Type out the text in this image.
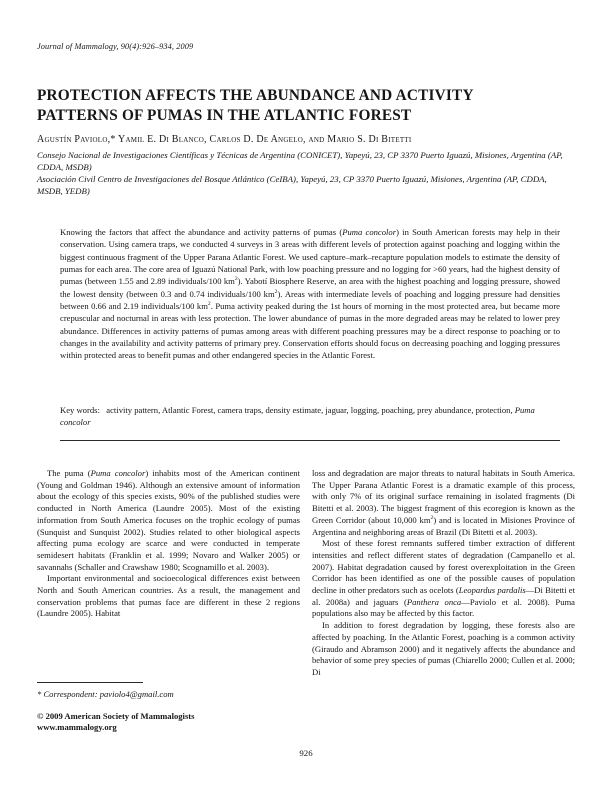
Journal of Mammalogy, 90(4):926–934, 2009
PROTECTION AFFECTS THE ABUNDANCE AND ACTIVITY PATTERNS OF PUMAS IN THE ATLANTIC FOREST
Agustín Paviolo,* Yamil E. Di Blanco, Carlos D. De Angelo, and Mario S. Di Bitetti
Consejo Nacional de Investigaciones Científicas y Técnicas de Argentina (CONICET), Yapeyú, 23, CP 3370 Puerto Iguazú, Misiones, Argentina (AP, CDDA, MSDB)
Asociación Civil Centro de Investigaciones del Bosque Atlántico (CeIBA), Yapeyú, 23, CP 3370 Puerto Iguazú, Misiones, Argentina (AP, CDDA, MSDB, YEDB)
Knowing the factors that affect the abundance and activity patterns of pumas (Puma concolor) in South American forests may help in their conservation. Using camera traps, we conducted 4 surveys in 3 areas with different levels of protection against poaching and logging within the biggest continuous fragment of the Upper Parana Atlantic Forest. We used capture–mark–recapture population models to estimate the density of pumas for each area. The core area of Iguazú National Park, with low poaching pressure and no logging for >60 years, had the highest density of pumas (between 1.55 and 2.89 individuals/100 $km^2$). Yabotí Biosphere Reserve, an area with the highest poaching and logging pressure, showed the lowest density (between 0.3 and 0.74 individuals/100 $km^2$). Areas with intermediate levels of poaching and logging pressure had densities between 0.66 and 2.19 individuals/100 $km^2$. Puma activity peaked during the 1st hours of morning in the most protected area, but became more crepuscular and nocturnal in areas with less protection. The lower abundance of pumas in the more degraded areas may be related to lower prey abundance. Differences in activity patterns of pumas among areas with different poaching pressures may be a direct response to poaching or to changes in the availability and activity patterns of primary prey. Conservation efforts should focus on decreasing poaching and logging pressures within protected areas to benefit pumas and other endangered species in the Atlantic Forest.
Key words:  activity pattern, Atlantic Forest, camera traps, density estimate, jaguar, logging, poaching, prey abundance, protection, Puma concolor

The puma (Puma concolor) inhabits most of the American continent (Young and Goldman 1946). Although an extensive amount of information about the ecology of this species exists, 90% of the published studies were conducted in North America (Laundre 2005). Most of the existing information from South America focuses on the trophic ecology of pumas (Sunquist and Sunquist 2002). Studies related to other biological aspects affecting puma ecology are scarce and were conducted in temperate semidesert habitats (Franklin et al. 1999; Novaro and Walker 2005) or savannahs (Schaller and Crawshaw 1980; Scognamillo et al. 2003).

Important environmental and socioecological differences exist between North and South American countries. As a result, the management and conservation problems that pumas face are different in these 2 regions (Laundre 2005). Habitat

loss and degradation are major threats to natural habitats in South America. The Upper Parana Atlantic Forest is a dramatic example of this process, with only 7% of its original surface remaining in isolated fragments (Di Bitetti et al. 2003). The biggest fragment of this ecoregion is known as the Green Corridor (about 10,000 $km^2$) and is located in Misiones Province of Argentina and neighboring areas of Brazil (Di Bitetti et al. 2003).

Most of these forest remnants suffered timber extraction of different intensities and reflect different states of degradation (Campanello et al. 2007). Habitat degradation caused by forest overexploitation in the Green Corridor has been identified as one of the possible causes of population decline in other predators such as ocelots (Leopardus pardalis—Di Bitetti et al. 2008a) and jaguars (Panthera onca—Paviolo et al. 2008). Puma populations also may be affected by this factor.

In addition to forest degradation by logging, these forests also are affected by poaching. In the Atlantic Forest, poaching is a common activity (Giraudo and Abramson 2000) and it negatively affects the abundance and behavior of some prey species of pumas (Chiarello 2000; Cullen et al. 2000; Di

* Correspondent: paviolo4@gmail.com
© 2009 American Society of Mammalogists
www.mammalogy.org
926
